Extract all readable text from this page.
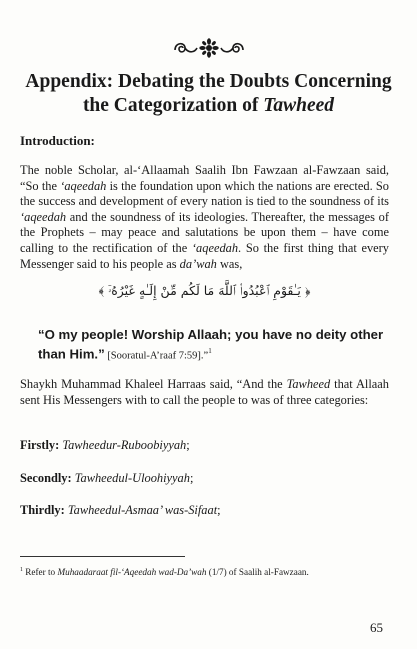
Appendix: Debating the Doubts Concerning
the Categorization of Tawheed
Introduction:

The noble Scholar, al-‘Allaamah Saalih Ibn Fawzaan al-Fawzaan said, “So the ‘aqeedah is the foundation upon which the nations are erected. So the success and development of every nation is tied to the soundness of its ‘aqeedah and the soundness of its ideologies. Thereafter, the messages of the Prophets – may peace and salutations be upon them – have come calling to the rectification of the ‘aqeedah. So the first thing that every Messenger said to his people as da’wah was,

﴿ يَـٰقَوْمِ ٱعْبُدُوا۟ ٱللَّهَ مَا لَكُم مِّنْ إِلَـٰهٍ غَيْرُهُۥٓ ﴾

“O my people! Worship Allaah; you have no deity other than Him.” [Sooratul-A’raaf 7:59].”$^1$

Shaykh Muhammad Khaleel Harraas said, “And the Tawheed that Allaah sent His Messengers with to call the people to was of three categories:

Firstly: Tawheedur-Ruboobiyyah;

Secondly: Tawheedul-Uloohiyyah;

Thirdly: Tawheedul-Asmaa’ was-Sifaat;

$^1$ Refer to Muhaadaraat fil-‘Aqeedah wad-Da’wah (1/7) of Saalih al-Fawzaan.

65
